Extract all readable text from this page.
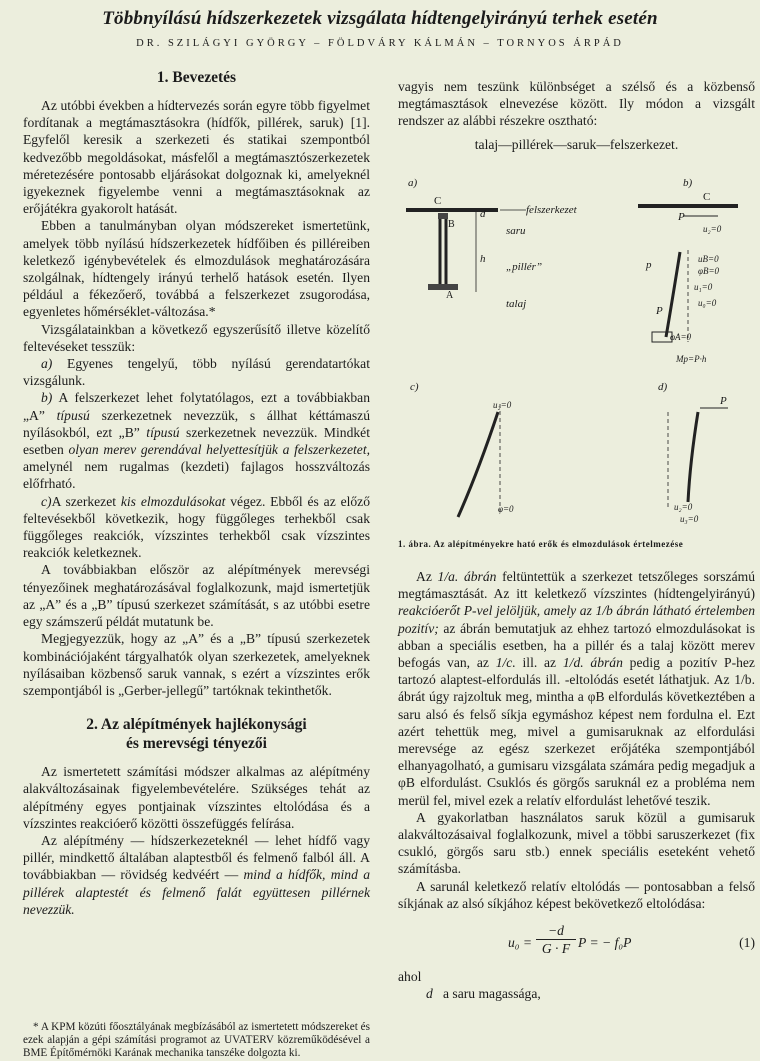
Többnyílású hídszerkezetek vizsgálata hídtengelyirányú terhek esetén
DR. SZILÁGYI GYÖRGY – FÖLDVÁRY KÁLMÁN – TORNYOS ÁRPÁD
1. Bevezetés

Az utóbbi években a hídtervezés során egyre több figyelmet fordítanak a megtámasztásokra (hídfők, pillérek, saruk) [1]. Egyfelől keresik a szerkezeti és statikai szempontból kedvezőbb megoldásokat, másfelől a megtámasztószerkezetek méretezésére pontosabb eljárásokat dolgoznak ki, amelyeknél igyekeznek figyelembe venni a megtámasztásoknak az erőjátékra gyakorolt hatását.

Ebben a tanulmányban olyan módszereket ismertetünk, amelyek több nyílású hídszerkezetek hídfőiben és pilléreiben keletkező igénybevételek és elmozdulások meghatározására szolgálnak, hídtengely irányú terhelő hatások esetén. Ilyen például a fékezőerő, továbbá a felszerkezet zsugorodása, egyenletes hőmérséklet-változása.*

Vizsgálatainkban a következő egyszerűsítő illetve közelítő feltevéseket tesszük:

a) Egyenes tengelyű, több nyílású gerendatartókat vizsgálunk.

b) A felszerkezet lehet folytatólagos, ezt a továbbiakban „A” típusú szerkezetnek nevezzük, s állhat kéttámaszú nyílásokból, ezt „B” típusú szerkezetnek nevezzük. Mindkét esetben olyan merev gerendával helyettesítjük a felszerkezetet, amelynél nem rugalmas (kezdeti) fajlagos hosszváltozás előfrható.

c)A szerkezet kis elmozdulásokat végez. Ebből és az előző feltevésekből következik, hogy függőleges terhekből csak függőleges reakciók, vízszintes terhekből csak vízszintes reakciók keletkeznek.

A továbbiakban először az alépítmények merevségi tényezőinek meghatározásával foglalkozunk, majd ismertetjük az „A” és a „B” típusú szerkezet számítását, s az utóbbi esetre egy számszerű példát mutatunk be.

Megjegyezzük, hogy az „A” és a „B” típusú szerkezetek kombinációjaként tárgyalhatók olyan szerkezetek, amelyeknek nyílásaiban közbenső saruk vannak, s ezért a vízszintes erők szempontjából is „Gerber-jellegű” tartóknak tekinthetők.

2. Az alépítmények hajlékonysági
és merevségi tényezői

Az ismertetett számítási módszer alkalmas az alépítmény alakváltozásainak figyelembevételére. Szükséges tehát az alépítmény egyes pontjainak vízszintes eltolódása és a vízszintes reakcióerő közötti összefüggés felírása.

Az alépítmény — hídszerkezeteknél — lehet hídfő vagy pillér, mindkettő általában alaptestből és felmenő falból áll. A továbbiakban — rövidség kedvéért — mind a hídfők, mind a pillérek alaptestét és felmenő falát együttesen pillérnek nevezzük.

* A KPM közúti főosztályának megbízásából az ismertetett módszereket és ezek alapján a gépi számítási programot az UVATERV közreműködésével a BME Építőmérnöki Karának mechanika tanszéke dolgozta ki.

vagyis nem teszünk különbséget a szélső és a közbenső megtámasztások elnevezése között. Ily módon a vizsgált rendszer az alábbi részekre osztható:

talaj—pillérek—saruk—felszerkezet.

a)
C
B
A
d
h
felszerkezet
saru
„pillér”
talaj
b)
C
P
p
u₂=0
uB=0
φB=0
u₁=0
u₀=0
φA=0
P
Mp=P·h
c)
u₂=0
φ=0
d)
P
u₂=0
u₃=0
1. ábra. Az alépítményekre ható erők és elmozdulások értelmezése

Az 1/a. ábrán feltüntettük a szerkezet tetszőleges sorszámú megtámasztását. Az itt keletkező vízszintes (hídtengelyirányú) reakcióerőt P-vel jelöljük, amely az 1/b ábrán látható értelemben pozitív; az ábrán bemutatjuk az ehhez tartozó elmozdulásokat is abban a speciális esetben, ha a pillér és a talaj között merev befogás van, az 1/c. ill. az 1/d. ábrán pedig a pozitív P-hez tartozó alaptest-elfordulás ill. -eltolódás esetét láthatjuk. Az 1/b. ábrát úgy rajzoltuk meg, mintha a φB elfordulás következtében a saru alsó és felső síkja egymáshoz képest nem fordulna el. Ezt azért tehettük meg, mivel a gumisaruknak az elfordulási merevsége az egész szerkezet erőjátéka szempontjából elhanyagolható, a gumisaru vizsgálata számára pedig megadjuk a φB elfordulást. Csuklós és görgős saruknál ez a probléma nem merül fel, mivel ezek a relatív elfordulást lehetővé teszik.

A gyakorlatban használatos saruk közül a gumisaruk alakváltozásaival foglalkozunk, mivel a többi saruszerkezet (fix csukló, görgős saru stb.) ennek speciális eseteként vehető számításba.

A sarunál keletkező relatív eltolódás — pontosabban a felső síkjának az alsó síkjához képest bekövetkező eltolódása:

$u_0 = \frac{-d}{G \cdot F}$ P = − f₀P	(1)

ahol

d a saru magassága,
